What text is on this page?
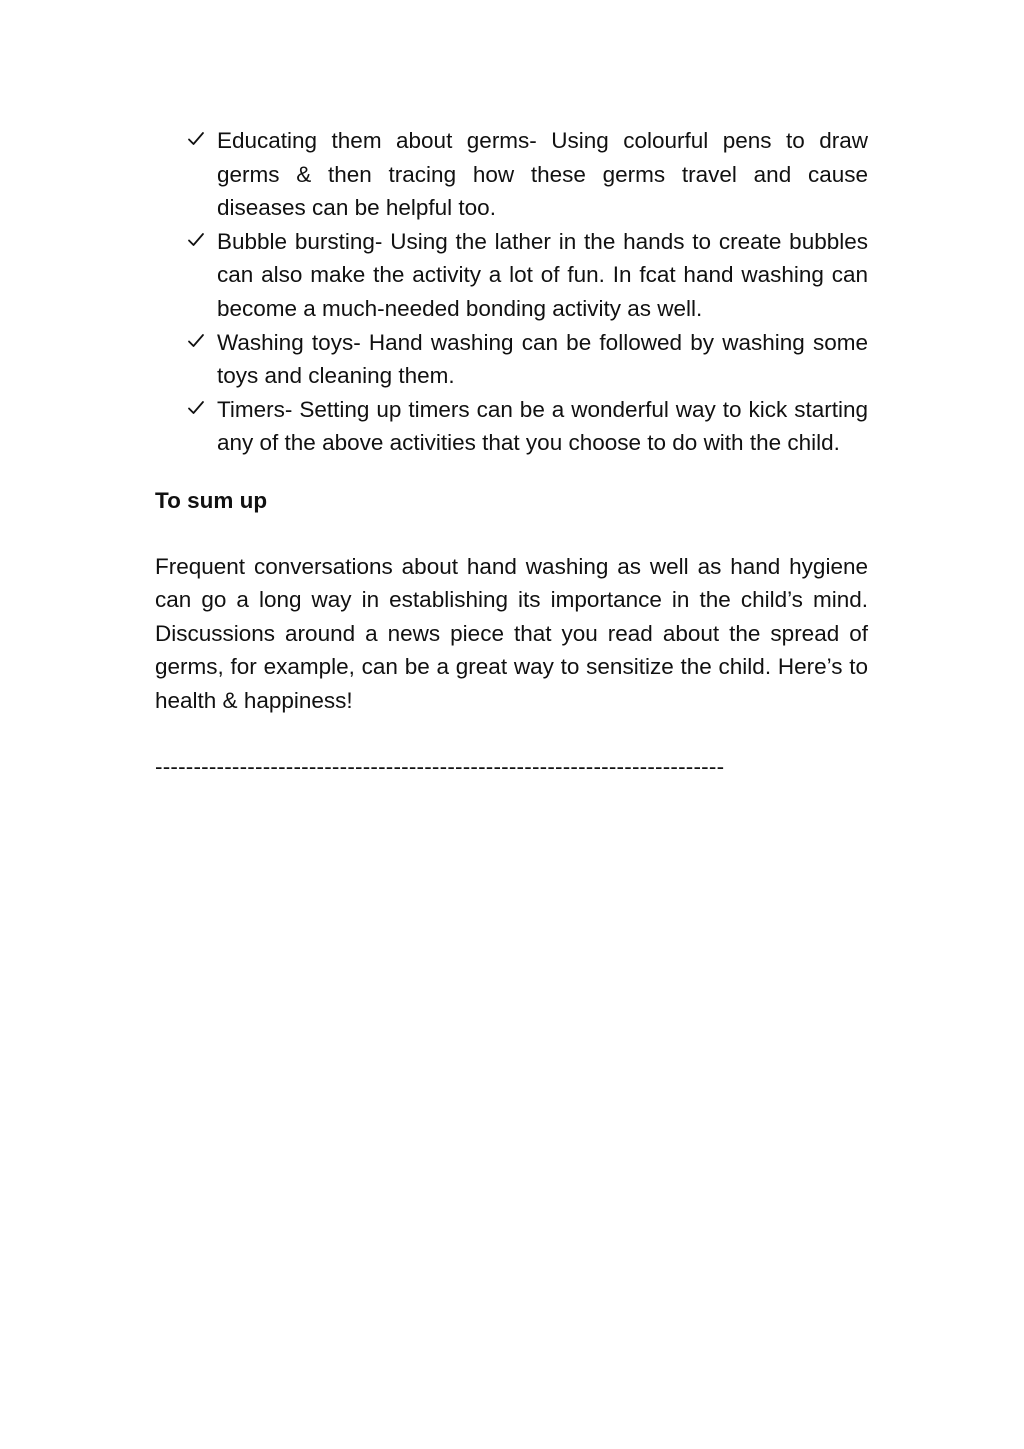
Educating them about germs- Using colourful pens to draw germs & then tracing how these germs travel and cause diseases can be helpful too.
Bubble bursting- Using the lather in the hands to create bubbles can also make the activity a lot of fun. In fcat hand washing can become a much-needed bonding activity as well.
Washing toys- Hand washing can be followed by washing some toys and cleaning them.
Timers- Setting up timers can be a wonderful way to kick starting any of the above activities that you choose to do with the child.
To sum up

Frequent conversations about hand washing as well as hand hygiene can go a long way in establishing its importance in the child’s mind. Discussions around a news piece that you read about the spread of germs, for example, can be a great way to sensitize the child. Here’s to health & happiness!

--------------------------------------------------------------------------
